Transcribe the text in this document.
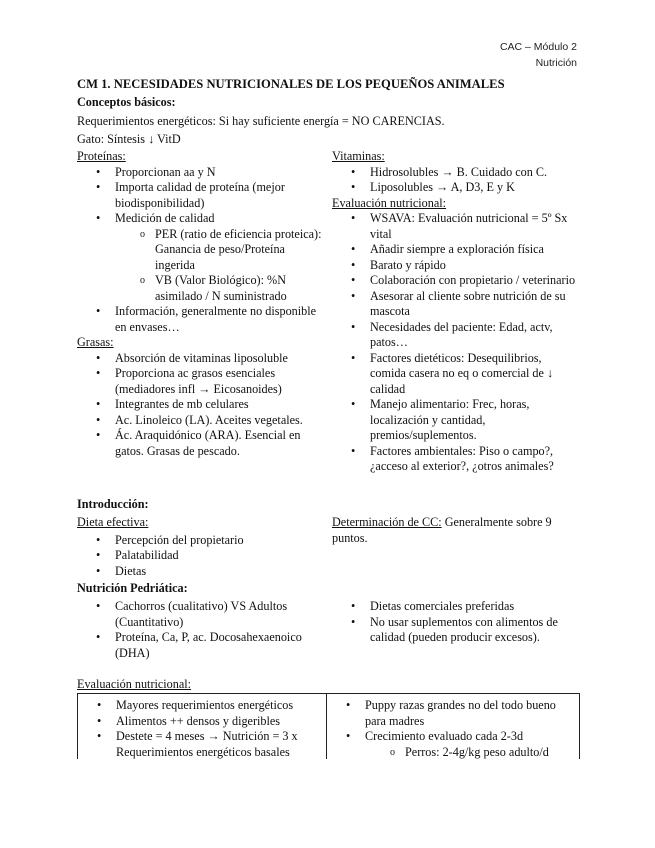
CAC – Módulo 2
Nutrición
CM 1. NECESIDADES NUTRICIONALES DE LOS PEQUEÑOS ANIMALES
Conceptos básicos:
Requerimientos energéticos: Si hay suficiente energía = NO CARENCIAS.
Gato: Síntesis ↓ VitD
Proteínas:
• Proporcionan aa y N
• Importa calidad de proteína (mejor biodisponibilidad)
• Medición de calidad
o PER (ratio de eficiencia proteica): Ganancia de peso/Proteína ingerida
o VB (Valor Biológico): %N asimilado / N suministrado
• Información, generalmente no disponible en envases…
Grasas:
• Absorción de vitaminas liposoluble
• Proporciona ac grasos esenciales (mediadores infl → Eicosanoides)
• Integrantes de mb celulares
• Ac. Linoleico (LA). Aceites vegetales.
• Ác. Araquidónico (ARA). Esencial en gatos. Grasas de pescado.
Vitaminas:
• Hidrosolubles → B. Cuidado con C.
• Liposolubles → A, D3, E y K
Evaluación nutricional:
• WSAVA: Evaluación nutricional = 5º Sx vital
• Añadir siempre a exploración física
• Barato y rápido
• Colaboración con propietario / veterinario
• Asesorar al cliente sobre nutrición de su mascota
• Necesidades del paciente: Edad, actv, patos…
• Factores dietéticos: Desequilibrios, comida casera no eq o comercial de ↓ calidad
• Manejo alimentario: Frec, horas, localización y cantidad, premios/suplementos.
• Factores ambientales: Piso o campo?, ¿acceso al exterior?, ¿otros animales?
Introducción:
Dieta efectiva:
• Percepción del propietario
• Palatabilidad
• Dietas
Determinación de CC: Generalmente sobre 9 puntos.
Nutrición Pedriática:
• Cachorros (cualitativo) VS Adultos (Cuantitativo)
• Proteína, Ca, P, ac. Docosahexaenoico (DHA)
• Dietas comerciales preferidas
• No usar suplementos con alimentos de calidad (pueden producir excesos).
Evaluación nutricional:
• Mayores requerimientos energéticos
• Alimentos ++ densos y digeribles
• Destete = 4 meses → Nutrición = 3 x Requerimientos energéticos basales
• Puppy razas grandes no del todo bueno para madres
• Crecimiento evaluado cada 2-3d
o Perros: 2-4g/kg peso adulto/d
